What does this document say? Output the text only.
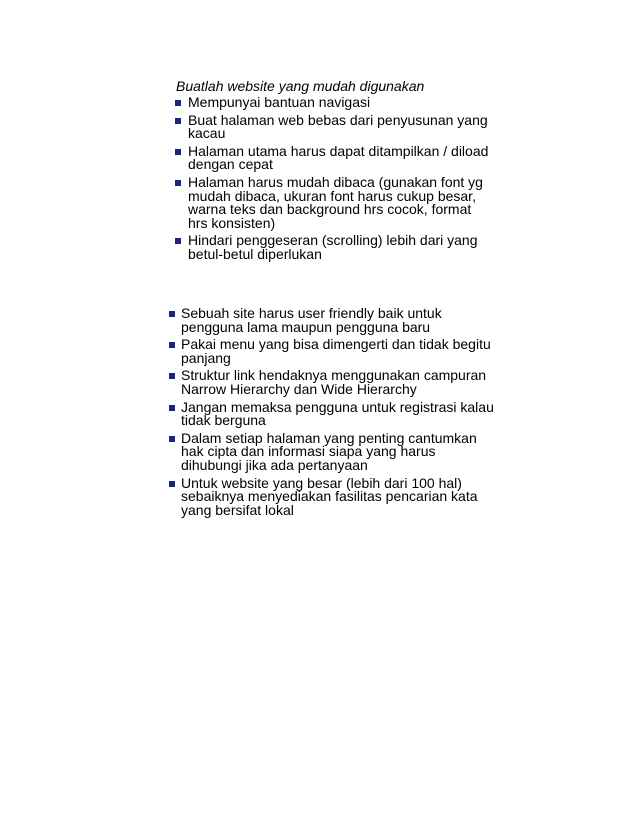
Buatlah website yang mudah digunakan
Mempunyai bantuan navigasi
Buat halaman web bebas dari penyusunan yang kacau
Halaman utama harus dapat ditampilkan / diload dengan cepat
Halaman harus mudah dibaca (gunakan font yg mudah dibaca, ukuran font harus cukup besar, warna teks dan background hrs cocok, format hrs konsisten)
Hindari penggeseran (scrolling) lebih dari yang betul-betul diperlukan
Sebuah site harus user friendly baik untuk pengguna lama maupun pengguna baru
Pakai menu yang bisa dimengerti dan tidak begitu panjang
Struktur link hendaknya menggunakan campuran Narrow Hierarchy dan Wide Hierarchy
Jangan memaksa pengguna untuk registrasi kalau tidak berguna
Dalam setiap halaman yang penting cantumkan hak cipta dan informasi siapa yang harus dihubungi jika ada pertanyaan
Untuk website yang besar (lebih dari 100 hal) sebaiknya menyediakan fasilitas pencarian kata yang bersifat lokal
